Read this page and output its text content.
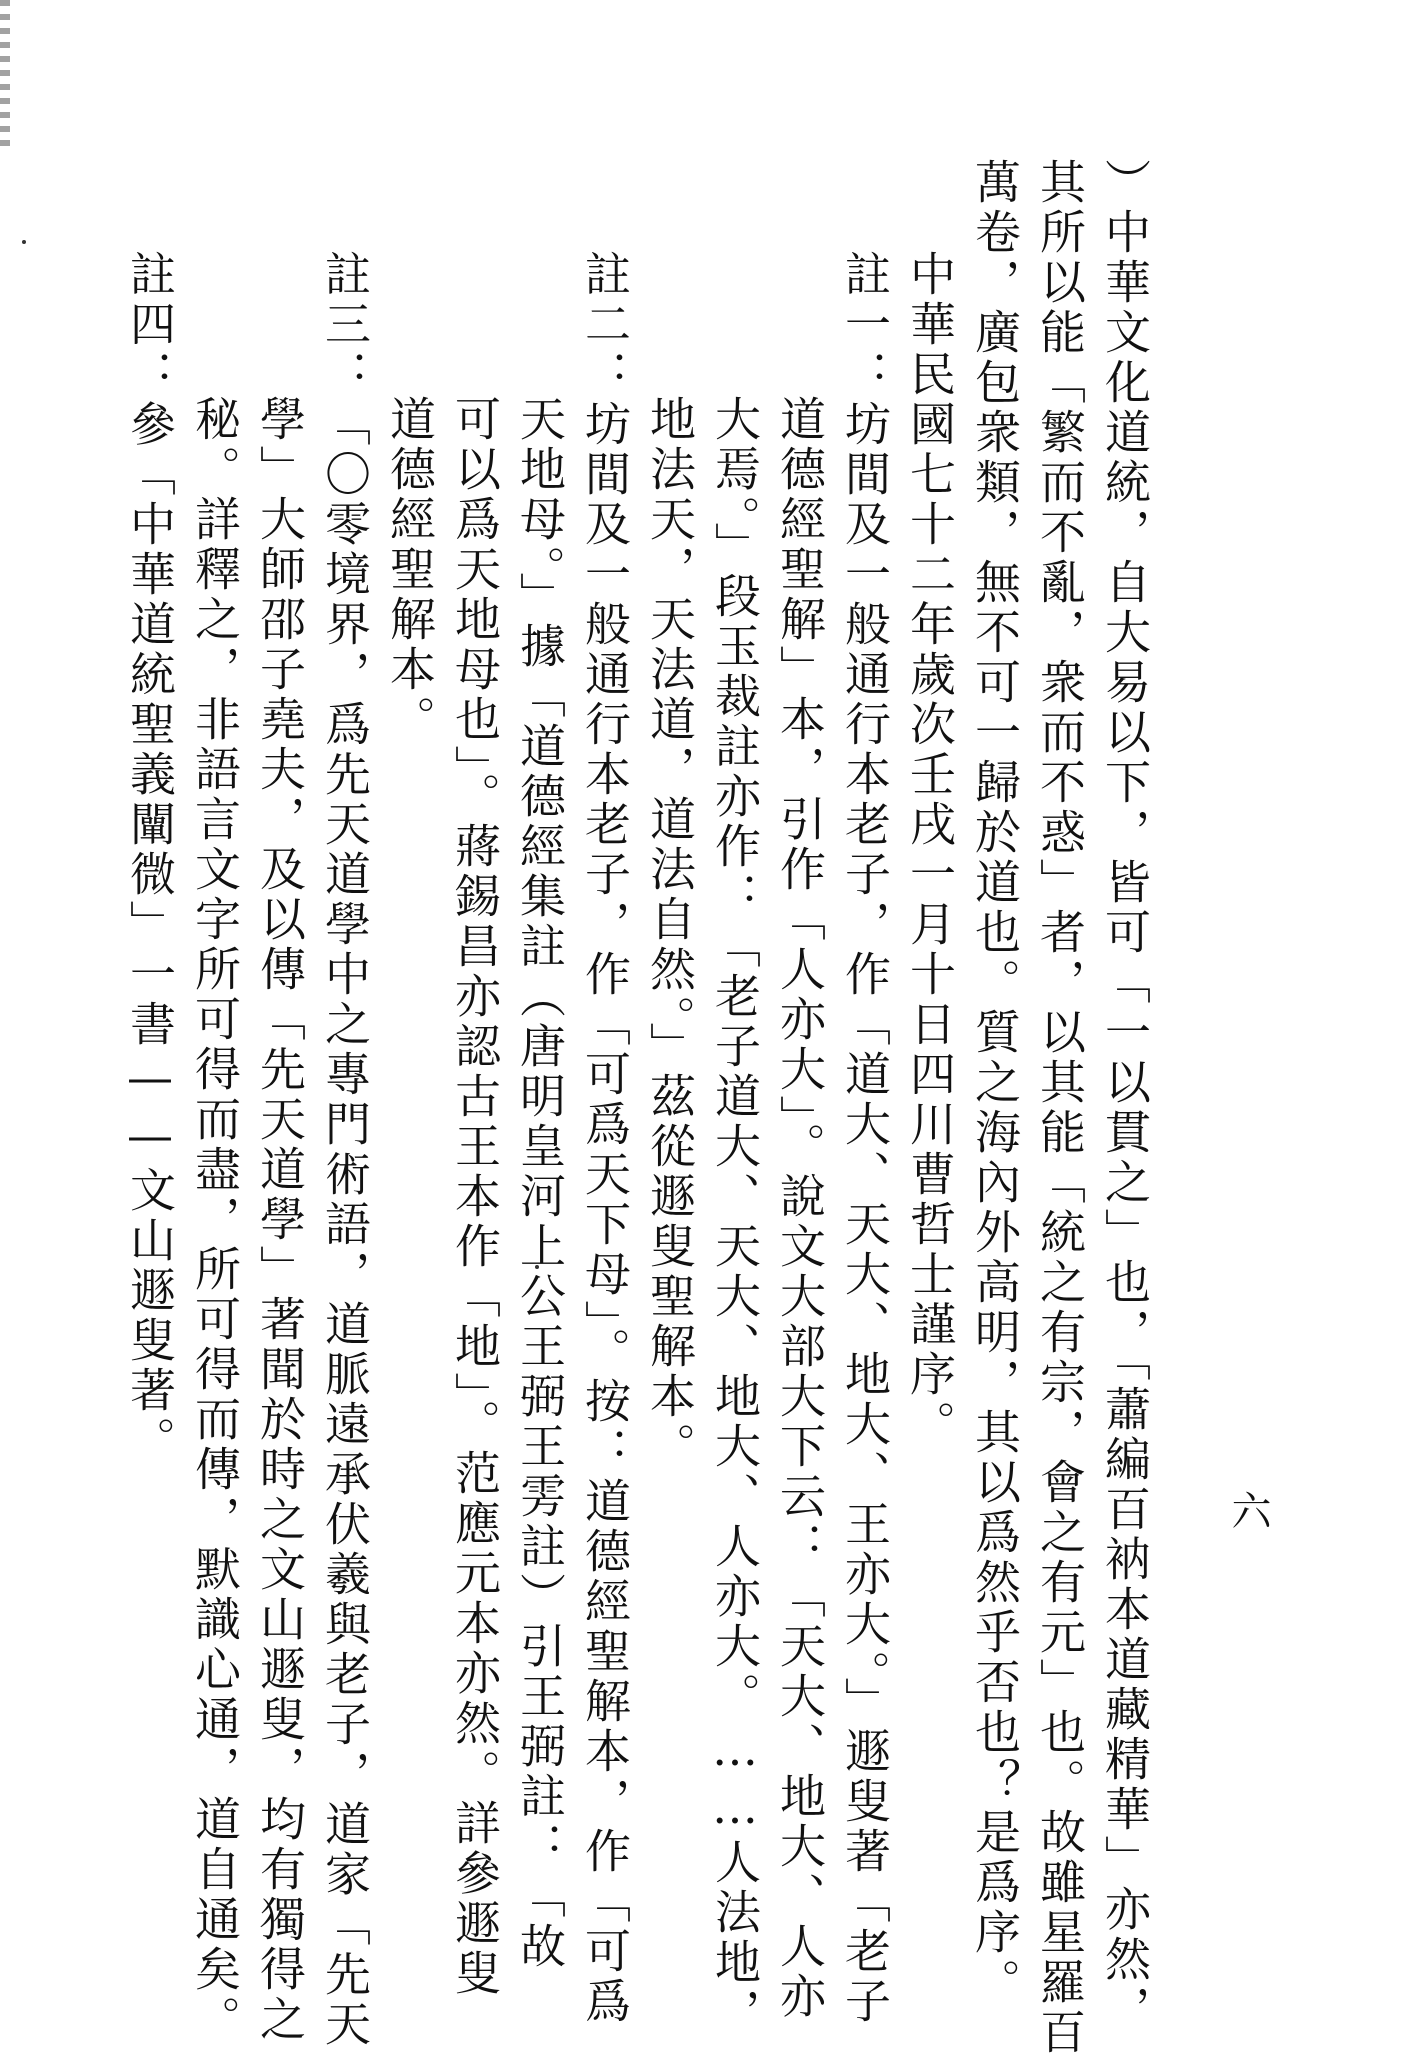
六
）中華文化道統，自大易以下，皆可「一以貫之」也，「蕭編百衲本道藏精華」亦然，
其所以能「繁而不亂，衆而不惑」者，以其能「統之有宗，會之有元」也。故雖星羅百
萬卷，廣包衆類，無不可一歸於道也。質之海內外高明，其以爲然乎否也？是爲序。
中華民國七十二年歲次壬戌一月十日四川曹哲士謹序。
註一：坊間及一般通行本老子，作「道大、天大、地大、王亦大。」遯叟著「老子
道德經聖解」本，引作「人亦大」。說文大部大下云：「天大、地大、人亦
大焉。」段玉裁註亦作：「老子道大、天大、地大、人亦大。……人法地，
地法天，天法道，道法自然。」茲從遯叟聖解本。
註二：坊間及一般通行本老子，作「可爲天下母」。按：道德經聖解本，作「可爲
天地母。」據「道德經集註（唐明皇河上公王弼王雱註）引王弼註：「故
可以爲天地母也」。蔣錫昌亦認古王本作「地」。范應元本亦然。詳參遯叟
道德經聖解本。
註三：「〇零境界，爲先天道學中之專門術語，道脈遠承伏羲與老子，道家「先天
學」大師邵子堯夫，及以傳「先天道學」著聞於時之文山遯叟，均有獨得之
秘。詳釋之，非語言文字所可得而盡，所可得而傳，默識心通，道自通矣。
註四：參「中華道統聖義闡微」一書——文山遯叟著。
